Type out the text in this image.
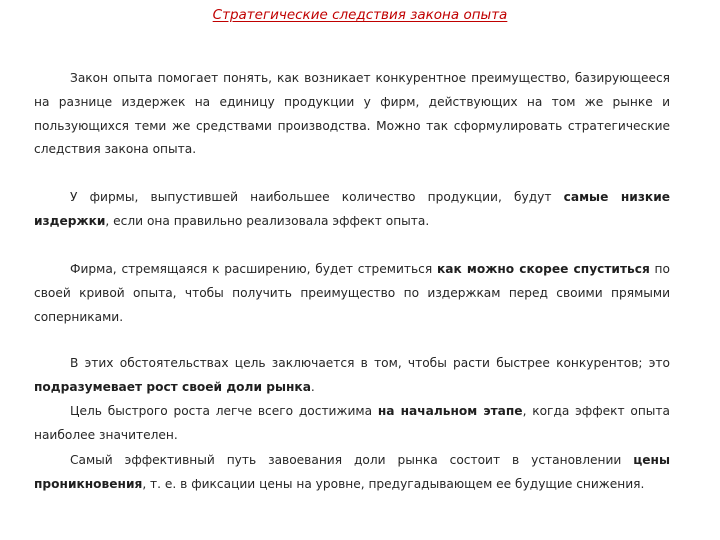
Стратегические следствия закона опыта

Закон опыта помогает понять, как возникает конкурентное преимущество, базирующееся на разнице издержек на единицу продукции у фирм, действующих на том же рынке и пользующихся теми же средствами производства. Можно так сформулировать стратегические следствия закона опыта.

У фирмы, выпустившей наибольшее количество продукции, будут самые низкие издержки, если она правильно реализовала эффект опыта.

Фирма, стремящаяся к расширению, будет стремиться как можно скорее спуститься по своей кривой опыта, чтобы получить преимущество по издержкам перед своими прямыми соперниками.

В этих обстоятельствах цель заключается в том, чтобы расти быстрее конкурентов; это подразумевает рост своей доли рынка.

Цель быстрого роста легче всего достижима на начальном этапе, когда эффект опыта наиболее значителен.

Самый эффективный путь завоевания доли рынка состоит в установлении цены проникновения, т. е. в фиксации цены на уровне, предугадывающем ее будущие снижения.
